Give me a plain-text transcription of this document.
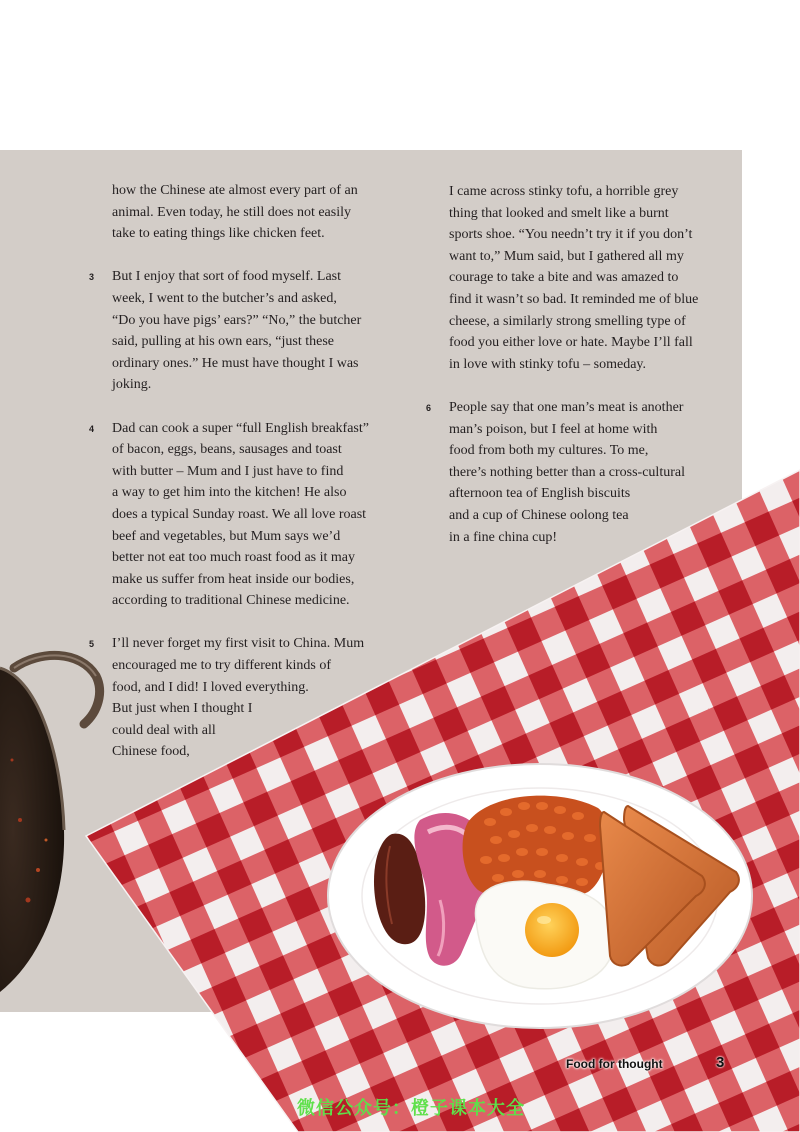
how the Chinese ate almost every part of an
animal. Even today, he still does not easily
take to eating things like chicken feet.

3 But I enjoy that sort of food myself. Last
week, I went to the butcher’s and asked,
“Do you have pigs’ ears?” “No,” the butcher
said, pulling at his own ears, “just these
ordinary ones.” He must have thought I was
joking.

4 Dad can cook a super “full English breakfast”
of bacon, eggs, beans, sausages and toast
with butter – Mum and I just have to find
a way to get him into the kitchen! He also
does a typical Sunday roast. We all love roast
beef and vegetables, but Mum says we’d
better not eat too much roast food as it may
make us suffer from heat inside our bodies,
according to traditional Chinese medicine.

5 I’ll never forget my first visit to China. Mum
encouraged me to try different kinds of
food, and I did! I loved everything.
But just when I thought I
could deal with all
Chinese food,

I came across stinky tofu, a horrible grey
thing that looked and smelt like a burnt
sports shoe. “You needn’t try it if you don’t
want to,” Mum said, but I gathered all my
courage to take a bite and was amazed to
find it wasn’t so bad. It reminded me of blue
cheese, a similarly strong smelling type of
food you either love or hate. Maybe I’ll fall
in love with stinky tofu – someday.

6 People say that one man’s meat is another
man’s poison, but I feel at home with
food from both my cultures. To me,
there’s nothing better than a cross-cultural
afternoon tea of English biscuits
and a cup of Chinese oolong tea
in a fine china cup!

Food for thought	3
微信公众号：橙子课本大全
